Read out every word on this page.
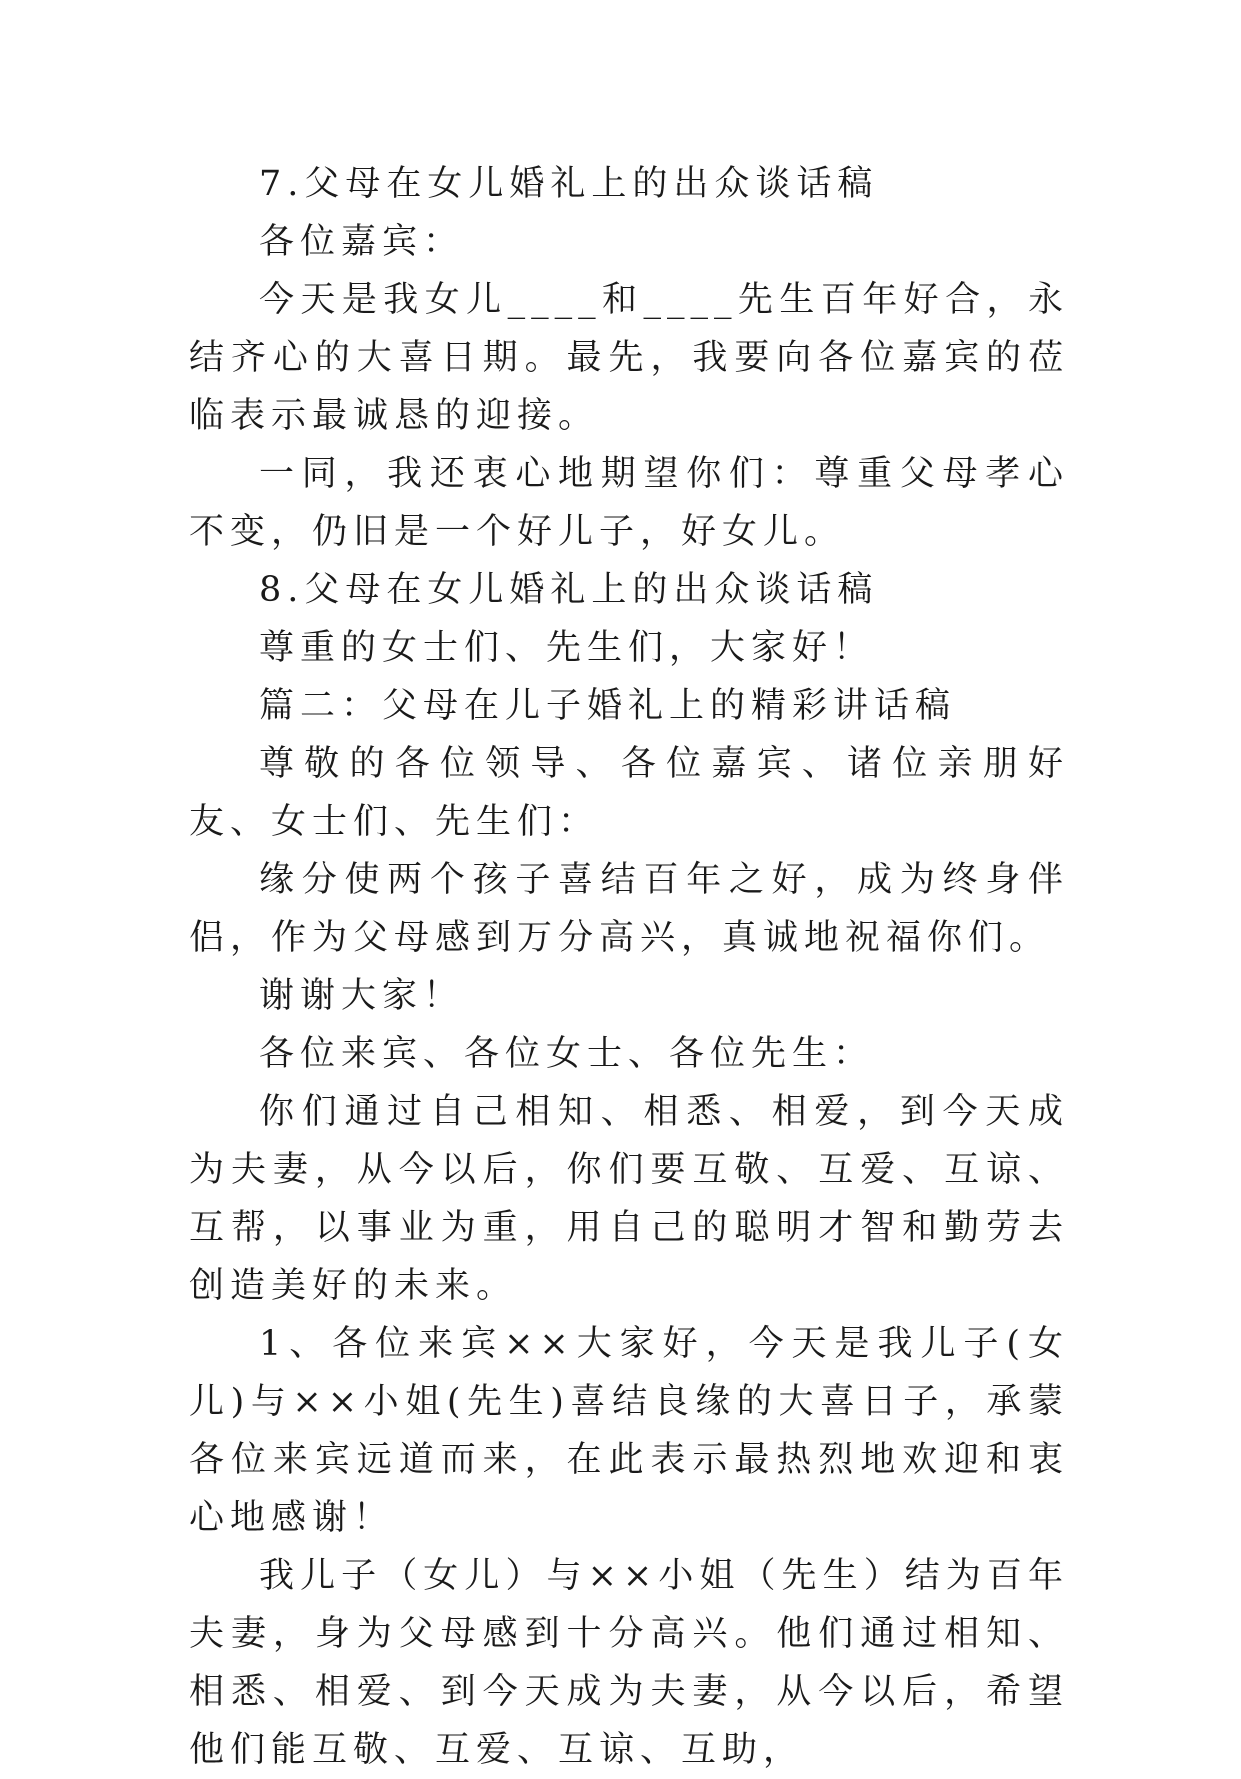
7.父母在女儿婚礼上的出众谈话稿

各位嘉宾：

今天是我女儿____和____先生百年好合，永结齐心的大喜日期。最先，我要向各位嘉宾的莅临表示最诚恳的迎接。

一同，我还衷心地期望你们：尊重父母孝心不变，仍旧是一个好儿子，好女儿。

8.父母在女儿婚礼上的出众谈话稿

尊重的女士们、先生们，大家好！

篇二：父母在儿子婚礼上的精彩讲话稿

尊敬的各位领导、各位嘉宾、诸位亲朋好友、女士们、先生们：

缘分使两个孩子喜结百年之好，成为终身伴侣，作为父母感到万分高兴，真诚地祝福你们。

谢谢大家！

各位来宾、各位女士、各位先生：

你们通过自己相知、相悉、相爱，到今天成为夫妻，从今以后，你们要互敬、互爱、互谅、互帮，以事业为重，用自己的聪明才智和勤劳去创造美好的未来。

1、各位来宾××大家好，今天是我儿子(女儿)与××小姐(先生)喜结良缘的大喜日子，承蒙各位来宾远道而来，在此表示最热烈地欢迎和衷心地感谢！

我儿子（女儿）与××小姐（先生）结为百年夫妻，身为父母感到十分高兴。他们通过相知、相悉、相爱、到今天成为夫妻，从今以后，希望他们能互敬、互爱、互谅、互助，
